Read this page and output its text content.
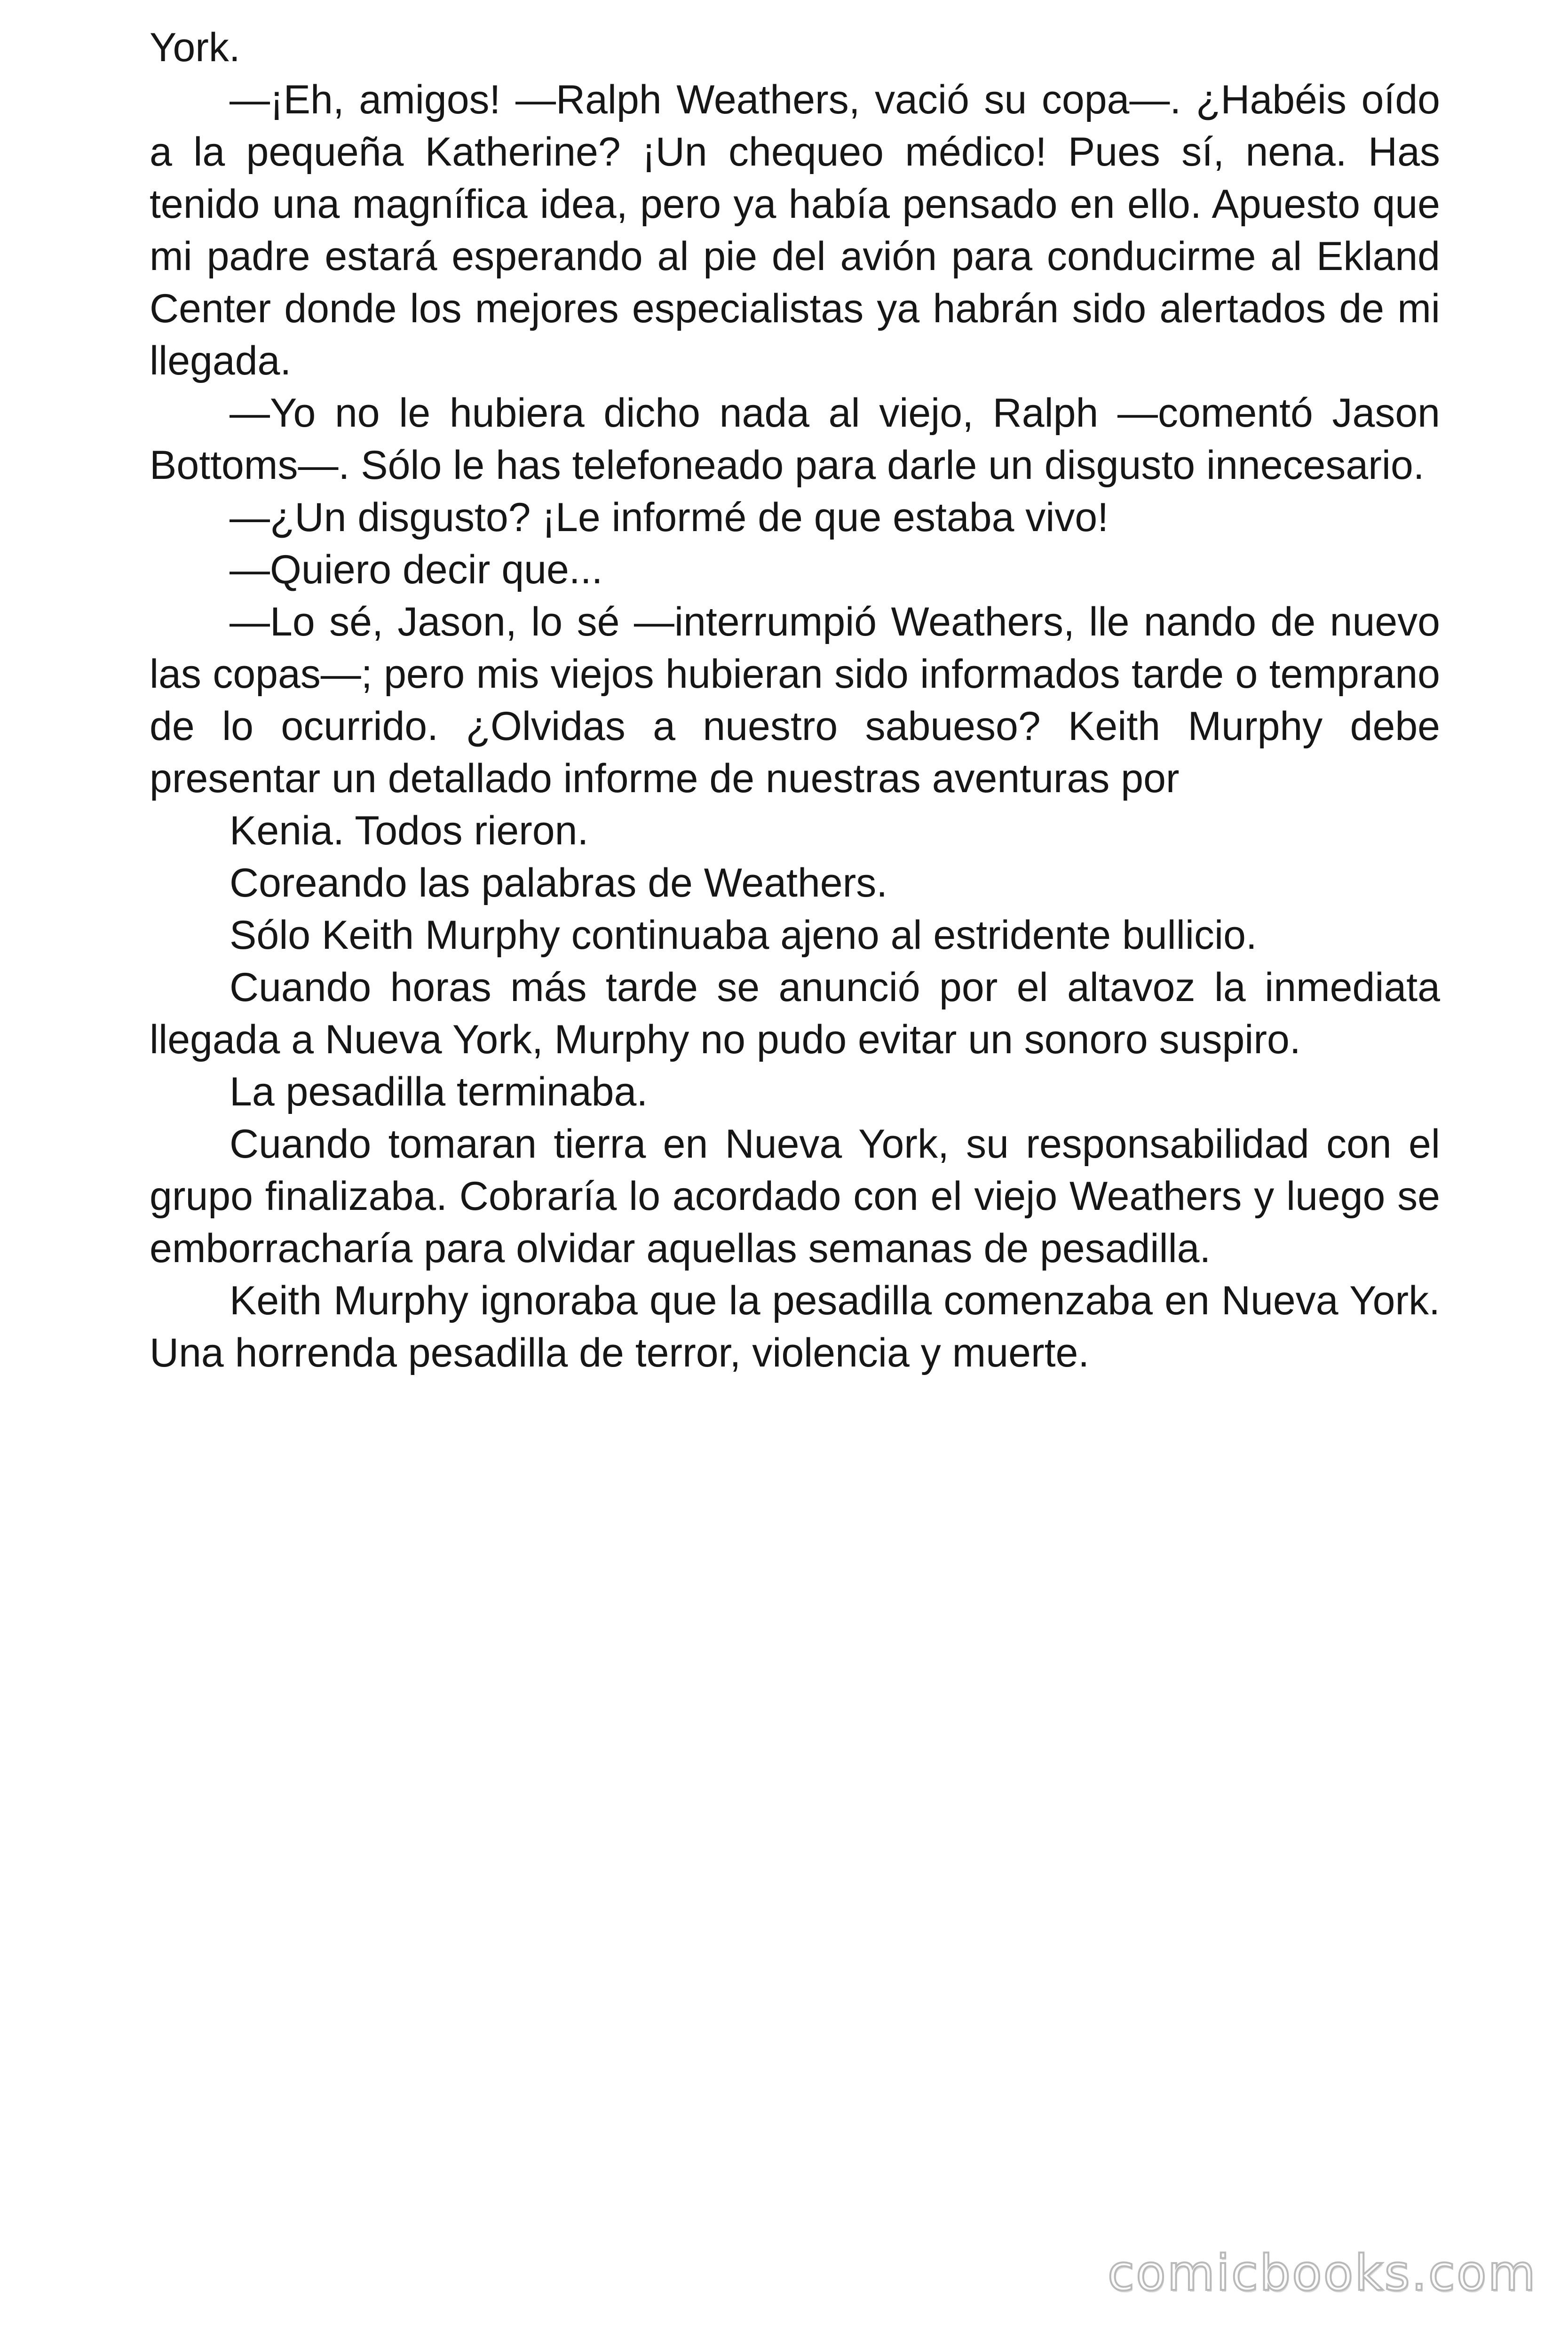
York.

—¡Eh, amigos! —Ralph Weathers, vació su copa—. ¿Habéis oído a la pequeña Katherine? ¡Un chequeo médico! Pues sí, nena. Has tenido una magnífica idea, pero ya había pensado en ello. Apuesto que mi padre estará esperando al pie del avión para conducirme al Ekland Center donde los mejores especialistas ya habrán sido alertados de mi llegada.

—Yo no le hubiera dicho nada al viejo, Ralph —comentó Jason Bottoms—. Sólo le has telefoneado para darle un disgusto innecesario.

—¿Un disgusto? ¡Le informé de que estaba vivo!

—Quiero decir que...

—Lo sé, Jason, lo sé —interrumpió Weathers, lle nando de nuevo las copas—; pero mis viejos hubieran sido informados tarde o temprano de lo ocurrido. ¿Olvidas a nuestro sabueso? Keith Murphy debe presentar un detallado informe de nuestras aventuras por

Kenia. Todos rieron.

Coreando las palabras de Weathers.

Sólo Keith Murphy continuaba ajeno al estridente bullicio.

Cuando horas más tarde se anunció por el altavoz la inmediata llegada a Nueva York, Murphy no pudo evitar un sonoro suspiro.

La pesadilla terminaba.

Cuando tomaran tierra en Nueva York, su responsabilidad con el grupo finalizaba. Cobraría lo acordado con el viejo Weathers y luego se emborracharía para olvidar aquellas semanas de pesadilla.

Keith Murphy ignoraba que la pesadilla comenzaba en Nueva York. Una horrenda pesadilla de terror, violencia y muerte.

comicbooks.com
